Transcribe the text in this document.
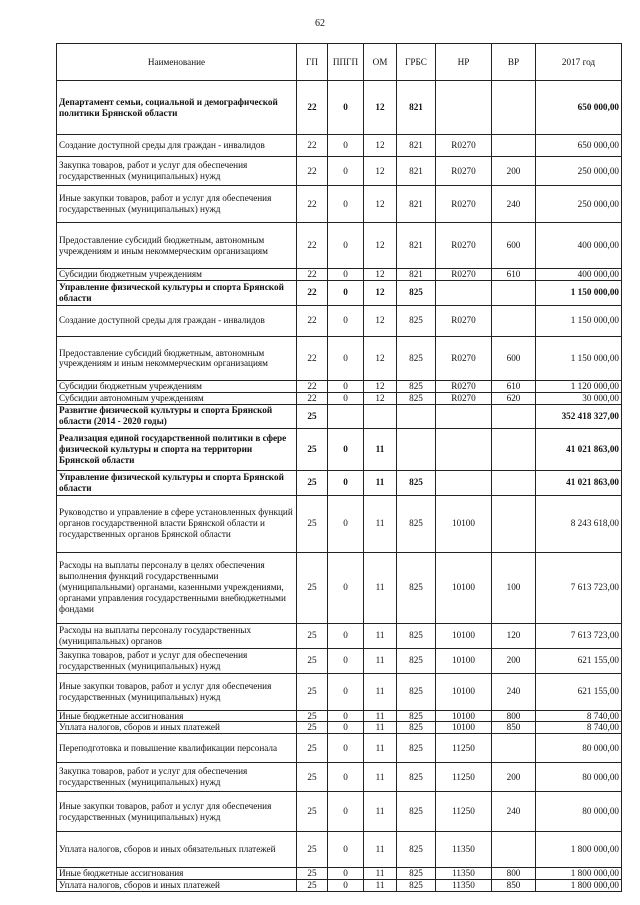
62
Наименование	ГП	ППГП	ОМ	ГРБС	НР	ВР	2017 год
Департамент семьи, социальной и демографической политики Брянской области	22	0	12	821			650 000,00
Создание доступной среды для граждан - инвалидов	22	0	12	821	R0270		650 000,00
Закупка товаров, работ и услуг для обеспечения государственных (муниципальных) нужд	22	0	12	821	R0270	200	250 000,00
Иные закупки товаров, работ и услуг для обеспечения государственных (муниципальных) нужд	22	0	12	821	R0270	240	250 000,00
Предоставление субсидий бюджетным, автономным учреждениям и иным некоммерческим организациям	22	0	12	821	R0270	600	400 000,00
Субсидии бюджетным учреждениям	22	0	12	821	R0270	610	400 000,00
Управление физической культуры и спорта Брянской области	22	0	12	825			1 150 000,00
Создание доступной среды для граждан - инвалидов	22	0	12	825	R0270		1 150 000,00
Предоставление субсидий бюджетным, автономным учреждениям и иным некоммерческим организациям	22	0	12	825	R0270	600	1 150 000,00
Субсидии бюджетным учреждениям	22	0	12	825	R0270	610	1 120 000,00
Субсидии автономным учреждениям	22	0	12	825	R0270	620	30 000,00
Развитие физической культуры и спорта Брянской области (2014 - 2020 годы)	25						352 418 327,00
Реализация единой государственной политики в сфере физической культуры и спорта на территории Брянской области	25	0	11				41 021 863,00
Управление физической культуры и спорта Брянской области	25	0	11	825			41 021 863,00
Руководство и управление в сфере установленных функций органов государственной власти Брянской области и государственных органов Брянской области	25	0	11	825	10100		8 243 618,00
Расходы на выплаты персоналу в целях обеспечения выполнения функций государственными (муниципальными) органами, казенными учреждениями, органами управления государственными внебюджетными фондами	25	0	11	825	10100	100	7 613 723,00
Расходы на выплаты персоналу государственных (муниципальных) органов	25	0	11	825	10100	120	7 613 723,00
Закупка товаров, работ и услуг для обеспечения государственных (муниципальных) нужд	25	0	11	825	10100	200	621 155,00
Иные закупки товаров, работ и услуг для обеспечения государственных (муниципальных) нужд	25	0	11	825	10100	240	621 155,00
Иные бюджетные ассигнования	25	0	11	825	10100	800	8 740,00
Уплата налогов, сборов и иных платежей	25	0	11	825	10100	850	8 740,00
Переподготовка и повышение квалификации персонала	25	0	11	825	11250		80 000,00
Закупка товаров, работ и услуг для обеспечения государственных (муниципальных) нужд	25	0	11	825	11250	200	80 000,00
Иные закупки товаров, работ и услуг для обеспечения государственных (муниципальных) нужд	25	0	11	825	11250	240	80 000,00
Уплата налогов, сборов и иных обязательных платежей	25	0	11	825	11350		1 800 000,00
Иные бюджетные ассигнования	25	0	11	825	11350	800	1 800 000,00
Уплата налогов, сборов и иных платежей	25	0	11	825	11350	850	1 800 000,00
